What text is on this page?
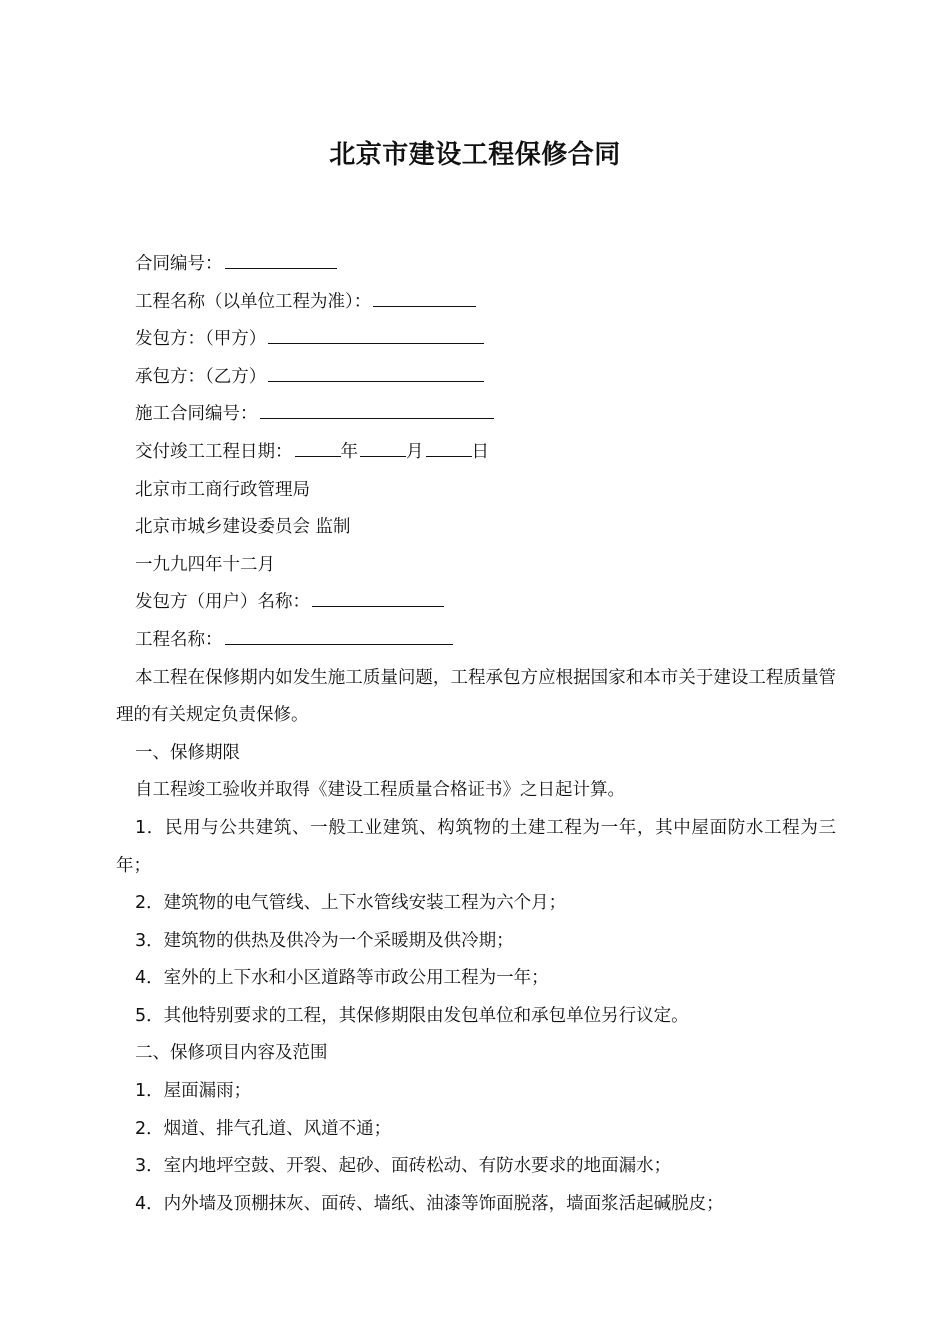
北京市建设工程保修合同

合同编号：

工程名称（以单位工程为准）：

发包方：（甲方）

承包方：（乙方）

施工合同编号：

交付竣工工程日期：	年	月	日

北京市工商行政管理局

北京市城乡建设委员会 监制

一九九四年十二月

发包方（用户）名称：

工程名称：

本工程在保修期内如发生施工质量问题，工程承包方应根据国家和本市关于建设工程质量管理的有关规定负责保修。

一、保修期限

自工程竣工验收并取得《建设工程质量合格证书》之日起计算。

1．民用与公共建筑、一般工业建筑、构筑物的土建工程为一年，其中屋面防水工程为三年；

2．建筑物的电气管线、上下水管线安装工程为六个月；

3．建筑物的供热及供冷为一个采暖期及供冷期；

4．室外的上下水和小区道路等市政公用工程为一年；

5．其他特别要求的工程，其保修期限由发包单位和承包单位另行议定。

二、保修项目内容及范围

1．屋面漏雨；

2．烟道、排气孔道、风道不通；

3．室内地坪空鼓、开裂、起砂、面砖松动、有防水要求的地面漏水；

4．内外墙及顶棚抹灰、面砖、墙纸、油漆等饰面脱落，墙面浆活起碱脱皮；
